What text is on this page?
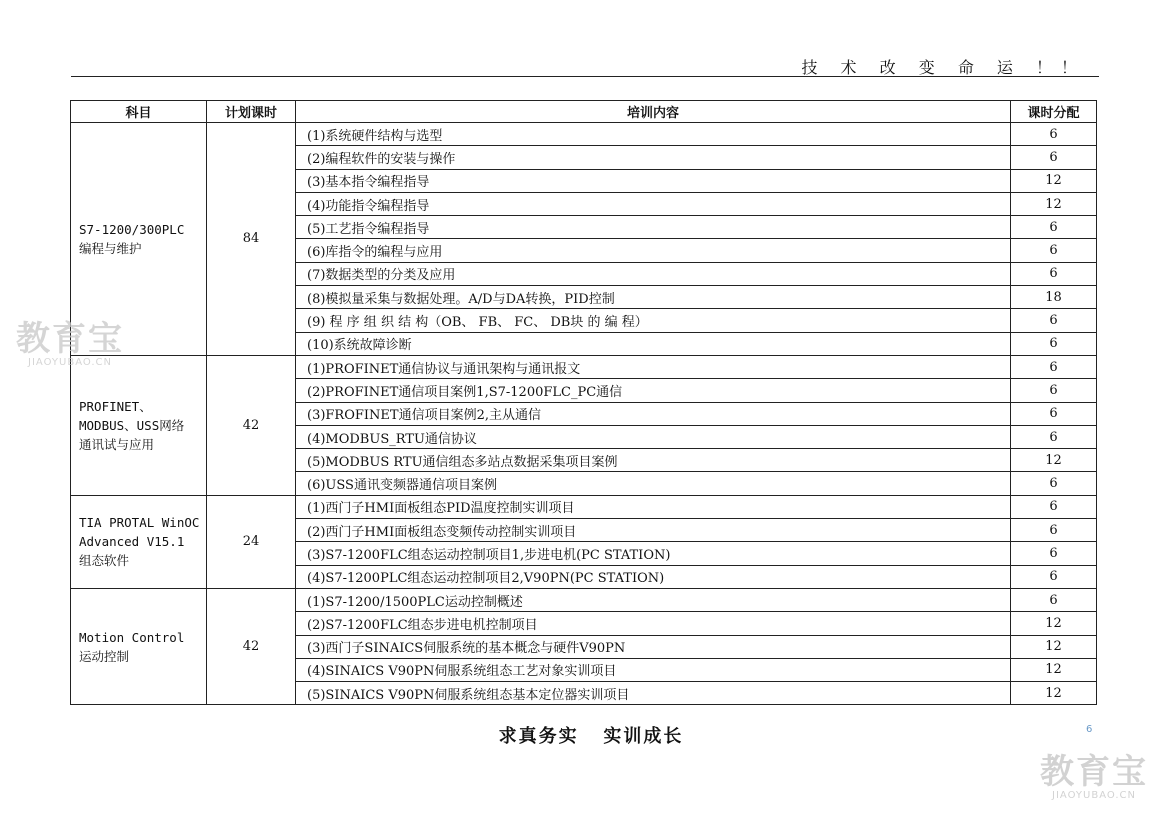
技 术 改 变 命 运 ！！
科目	计划课时	培训内容	课时分配

S7-1200/300PLC
编程与维护	84	(1)系统硬件结构与选型	6
		(2)编程软件的安装与操作	6
		(3)基本指令编程指导	12
		(4)功能指令编程指导	12
		(5)工艺指令编程指导	6
		(6)库指令的编程与应用	6
		(7)数据类型的分类及应用	6
		(8)模拟量采集与数据处理。A/D与DA转换，PID控制	18
		(9) 程 序 组 织 结 构（OB、 FB、 FC、 DB块 的 编 程）	6
		(10)系统故障诊断	6

PROFINET、
MODBUS、USS网络
通讯试与应用	42	(1)PROFINET通信协议与通讯架构与通讯报文	6
		(2)PROFINET通信项目案例1,S7-1200FLC_PC通信	6
		(3)FROFINET通信项目案例2,主从通信	6
		(4)MODBUS_RTU通信协议	6
		(5)MODBUS RTU通信组态多站点数据采集项目案例	12
		(6)USS通讯变频器通信项目案例	6

TIA PROTAL WinOC
Advanced V15.1
组态软件	24	(1)西门子HMI面板组态PID温度控制实训项目	6
		(2)西门子HMI面板组态变频传动控制实训项目	6
		(3)S7-1200FLC组态运动控制项目1,步进电机(PC STATION)	6
		(4)S7-1200PLC组态运动控制项目2,V90PN(PC STATION)	6

Motion Control
运动控制	42	(1)S7-1200/1500PLC运动控制概述	6
		(2)S7-1200FLC组态步进电机控制项目	12
		(3)西门子SINAICS伺服系统的基本概念与硬件V90PN	12
		(4)SINAICS V90PN伺服系统组态工艺对象实训项目	12
		(5)SINAICS V90PN伺服系统组态基本定位器实训项目	12
求真务实   实训成长	6
教育宝
JIAOYUBAO.CN
教育宝
JIAOYUBAO.CN
